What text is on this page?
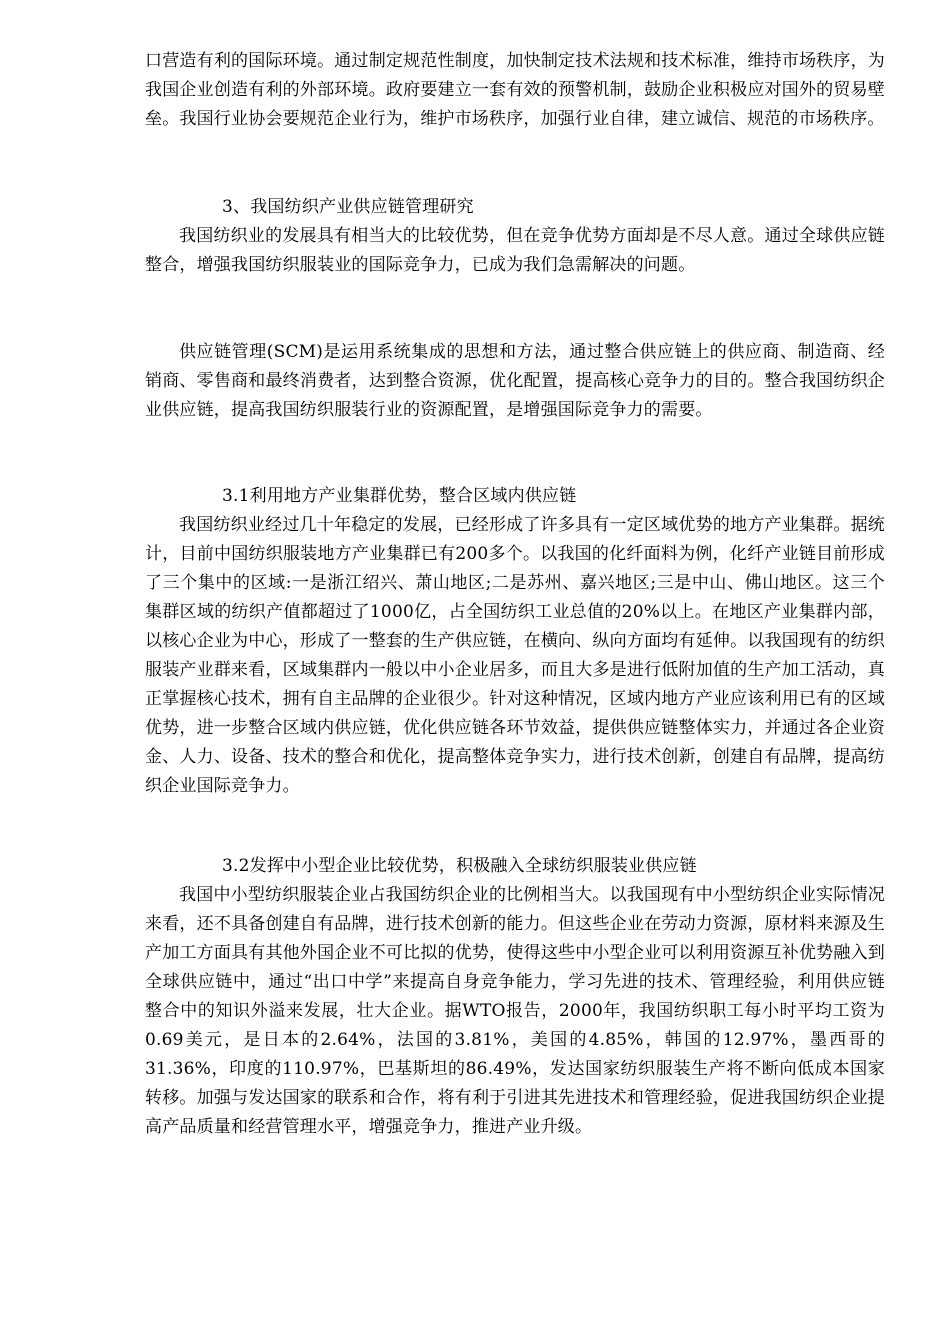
口营造有利的国际环境。通过制定规范性制度，加快制定技术法规和技术标准，维持市场秩序，为我国企业创造有利的外部环境。政府要建立一套有效的预警机制，鼓励企业积极应对国外的贸易壁垒。我国行业协会要规范企业行为，维护市场秩序，加强行业自律，建立诚信、规范的市场秩序。

3、我国纺织产业供应链管理研究

我国纺织业的发展具有相当大的比较优势，但在竞争优势方面却是不尽人意。通过全球供应链整合，增强我国纺织服装业的国际竞争力，已成为我们急需解决的问题。

供应链管理(SCM)是运用系统集成的思想和方法，通过整合供应链上的供应商、制造商、经销商、零售商和最终消费者，达到整合资源，优化配置，提高核心竞争力的目的。整合我国纺织企业供应链，提高我国纺织服装行业的资源配置，是增强国际竞争力的需要。

3.1利用地方产业集群优势，整合区域内供应链

我国纺织业经过几十年稳定的发展，已经形成了许多具有一定区域优势的地方产业集群。据统计，目前中国纺织服装地方产业集群已有200多个。以我国的化纤面料为例，化纤产业链目前形成了三个集中的区域:一是浙江绍兴、萧山地区;二是苏州、嘉兴地区;三是中山、佛山地区。这三个集群区域的纺织产值都超过了1000亿，占全国纺织工业总值的20%以上。在地区产业集群内部，以核心企业为中心，形成了一整套的生产供应链，在横向、纵向方面均有延伸。以我国现有的纺织服装产业群来看，区域集群内一般以中小企业居多，而且大多是进行低附加值的生产加工活动，真正掌握核心技术，拥有自主品牌的企业很少。针对这种情况，区域内地方产业应该利用已有的区域优势，进一步整合区域内供应链，优化供应链各环节效益，提供供应链整体实力，并通过各企业资金、人力、设备、技术的整合和优化，提高整体竞争实力，进行技术创新，创建自有品牌，提高纺织企业国际竞争力。

3.2发挥中小型企业比较优势，积极融入全球纺织服装业供应链

我国中小型纺织服装企业占我国纺织企业的比例相当大。以我国现有中小型纺织企业实际情况来看，还不具备创建自有品牌，进行技术创新的能力。但这些企业在劳动力资源，原材料来源及生产加工方面具有其他外国企业不可比拟的优势，使得这些中小型企业可以利用资源互补优势融入到全球供应链中，通过“出口中学”来提高自身竞争能力，学习先进的技术、管理经验，利用供应链整合中的知识外溢来发展，壮大企业。据WTO报告，2000年，我国纺织职工每小时平均工资为0.69美元，是日本的2.64%，法国的3.81%，美国的4.85%，韩国的12.97%，墨西哥的31.36%，印度的110.97%，巴基斯坦的86.49%，发达国家纺织服装生产将不断向低成本国家转移。加强与发达国家的联系和合作，将有利于引进其先进技术和管理经验，促进我国纺织企业提高产品质量和经营管理水平，增强竞争力，推进产业升级。
